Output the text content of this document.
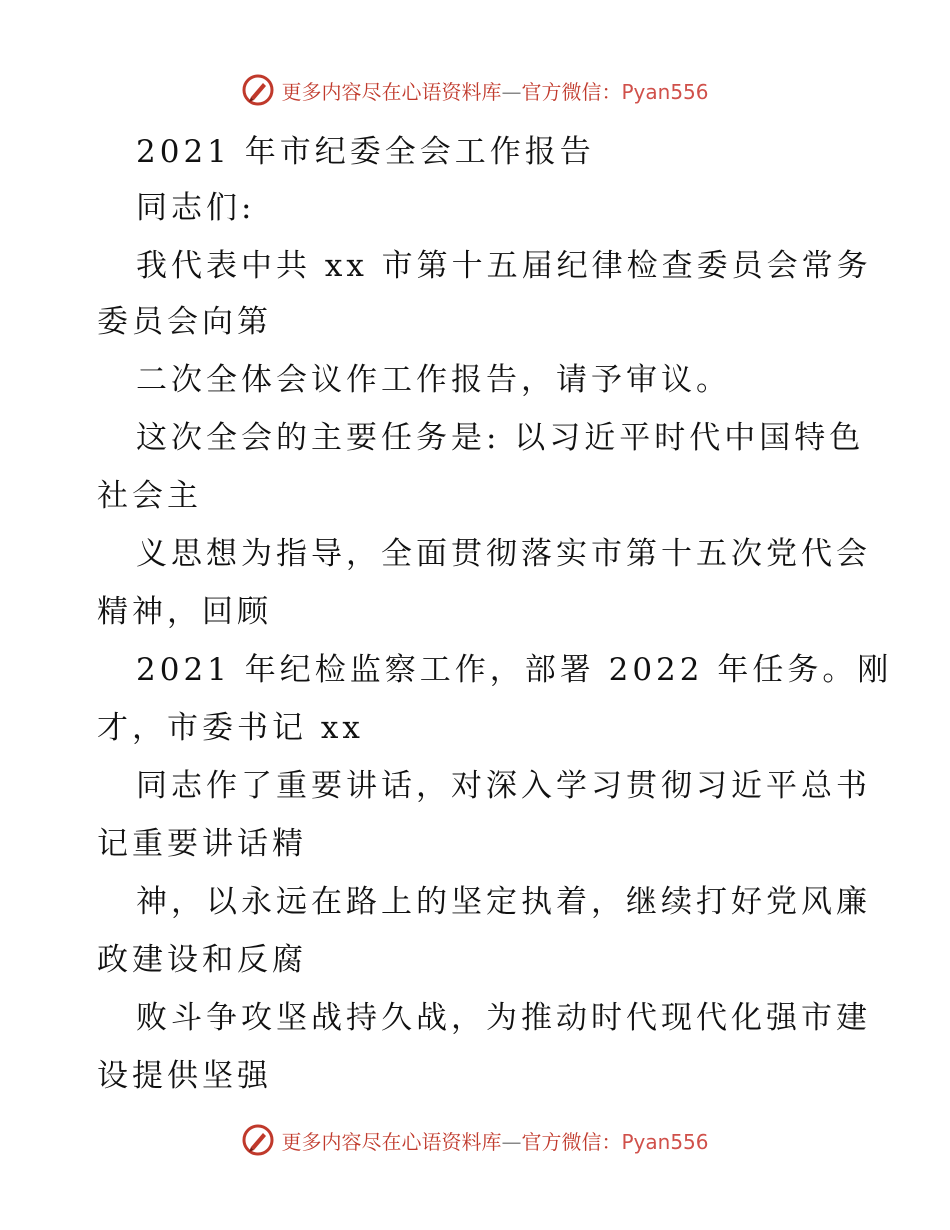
更多内容尽在心语资料库—官方微信：Pyan556
2021 年市纪委全会工作报告
同志们:
我代表中共 xx 市第十五届纪律检查委员会常务
委员会向第
二次全体会议作工作报告，请予审议。
这次全会的主要任务是: 以习近平时代中国特色
社会主
义思想为指导，全面贯彻落实市第十五次党代会
精神，回顾
2021 年纪检监察工作，部署 2022 年任务。刚
才，市委书记 xx
同志作了重要讲话，对深入学习贯彻习近平总书
记重要讲话精
神，以永远在路上的坚定执着，继续打好党风廉
政建设和反腐
败斗争攻坚战持久战，为推动时代现代化强市建
设提供坚强
更多内容尽在心语资料库—官方微信：Pyan556
